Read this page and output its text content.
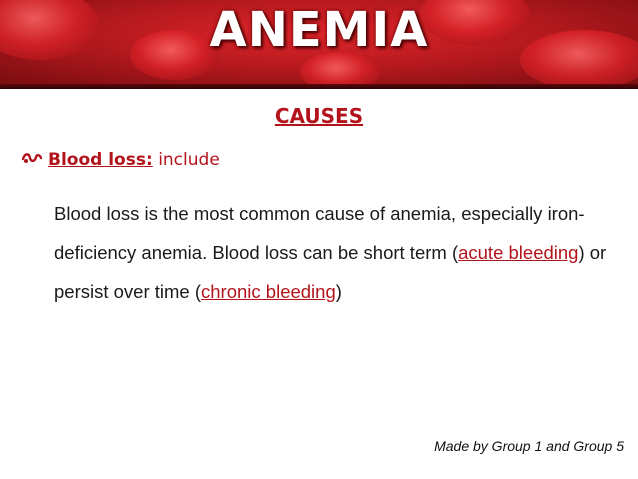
ANEMIA
CAUSES
Blood loss: include
Blood loss is the most common cause of anemia, especially iron-deficiency anemia. Blood loss can be short term (acute bleeding) or persist over time (chronic bleeding)
Made by Group 1 and Group 5
